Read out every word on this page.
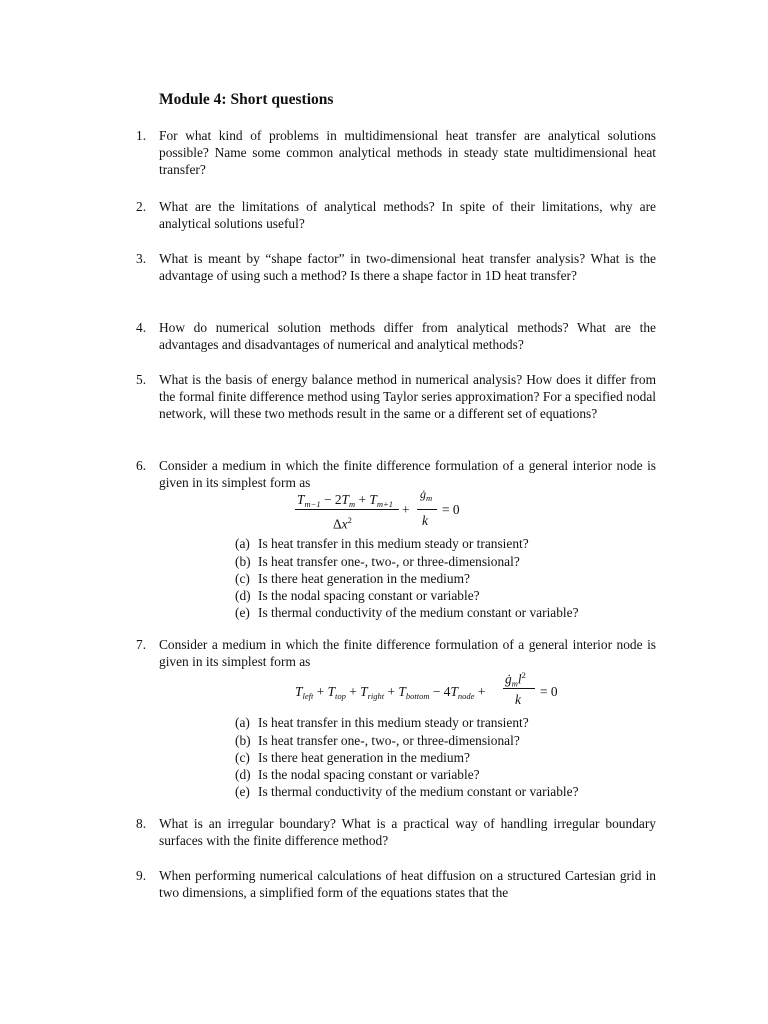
Module 4: Short questions
1. For what kind of problems in multidimensional heat transfer are analytical solutions possible? Name some common analytical methods in steady state multidimensional heat transfer?
2. What are the limitations of analytical methods? In spite of their limitations, why are analytical solutions useful?
3. What is meant by “shape factor” in two-dimensional heat transfer analysis? What is the advantage of using such a method? Is there a shape factor in 1D heat transfer?
4. How do numerical solution methods differ from analytical methods? What are the advantages and disadvantages of numerical and analytical methods?
5. What is the basis of energy balance method in numerical analysis? How does it differ from the formal finite difference method using Taylor series approximation? For a specified nodal network, will these two methods result in the same or a different set of equations?
6. Consider a medium in which the finite difference formulation of a general interior node is given in its simplest form as
$T_{m-1} - 2T_m + T_{m+1}$
$\Delta x^2$
+
$ġ_m$
k
= 0
(a) Is heat transfer in this medium steady or transient?
(b) Is heat transfer one-, two-, or three-dimensional?
(c) Is there heat generation in the medium?
(d) Is the nodal spacing constant or variable?
(e) Is thermal conductivity of the medium constant or variable?
7. Consider a medium in which the finite difference formulation of a general interior node is given in its simplest form as
$T_{left} + T_{top} + T_{right} + T_{bottom} - 4T_{node}$ +
$ġ_ml^2$
k
= 0
(a) Is heat transfer in this medium steady or transient?
(b) Is heat transfer one-, two-, or three-dimensional?
(c) Is there heat generation in the medium?
(d) Is the nodal spacing constant or variable?
(e) Is thermal conductivity of the medium constant or variable?
8. What is an irregular boundary? What is a practical way of handling irregular boundary surfaces with the finite difference method?
9. When performing numerical calculations of heat diffusion on a structured Cartesian grid in two dimensions, a simplified form of the equations states that the
